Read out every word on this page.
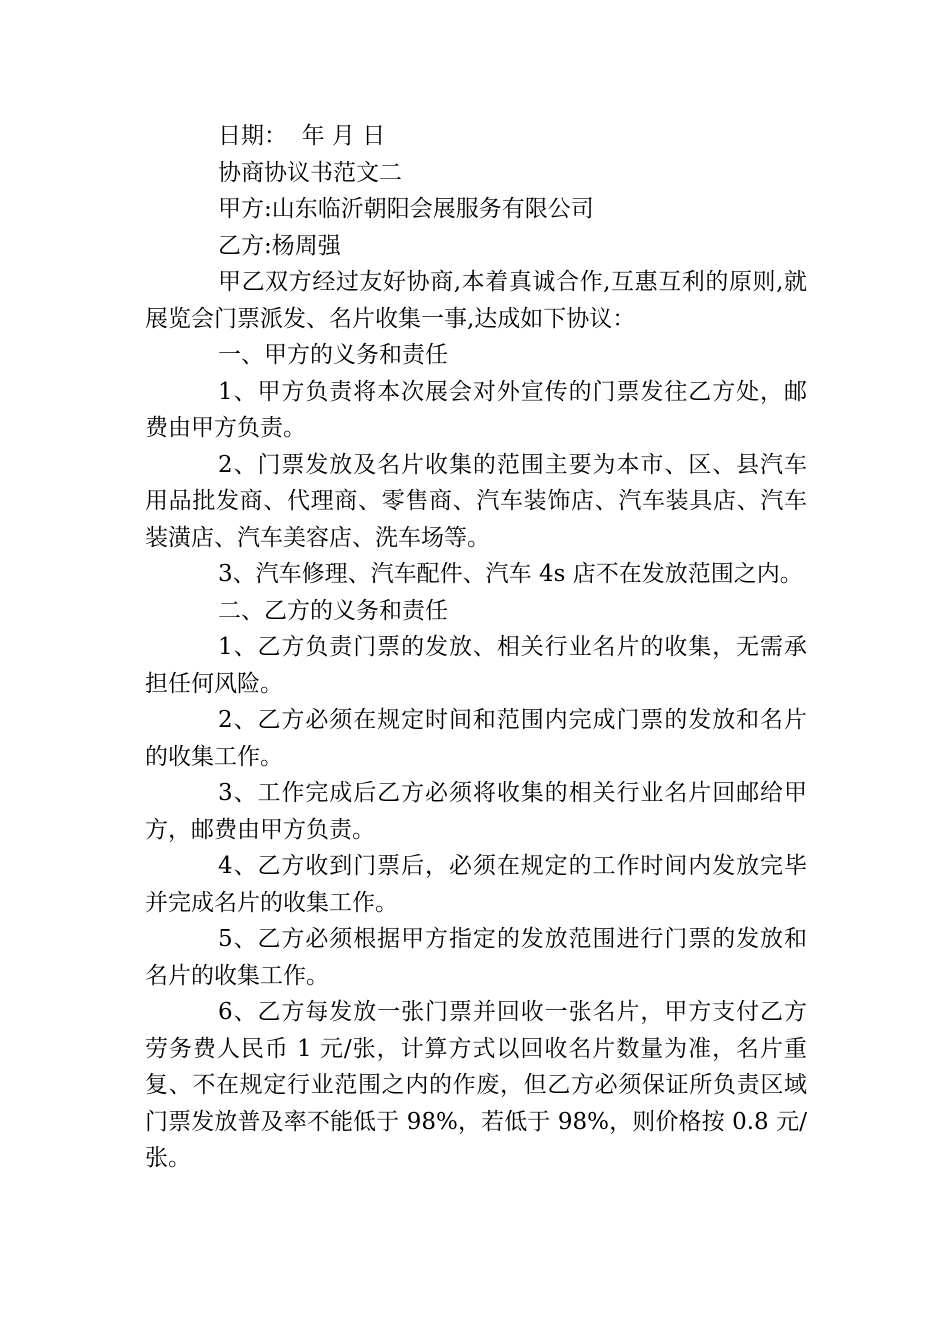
日期：  年 月 日

协商协议书范文二

甲方:山东临沂朝阳会展服务有限公司

乙方:杨周强

甲乙双方经过友好协商,本着真诚合作,互惠互利的原则,就展览会门票派发、名片收集一事,达成如下协议：

一、甲方的义务和责任

1、甲方负责将本次展会对外宣传的门票发往乙方处，邮费由甲方负责。

2、门票发放及名片收集的范围主要为本市、区、县汽车用品批发商、代理商、零售商、汽车装饰店、汽车装具店、汽车装潢店、汽车美容店、洗车场等。

3、汽车修理、汽车配件、汽车 4s 店不在发放范围之内。

二、乙方的义务和责任

1、乙方负责门票的发放、相关行业名片的收集，无需承担任何风险。

2、乙方必须在规定时间和范围内完成门票的发放和名片的收集工作。

3、工作完成后乙方必须将收集的相关行业名片回邮给甲方，邮费由甲方负责。

4、乙方收到门票后，必须在规定的工作时间内发放完毕并完成名片的收集工作。

5、乙方必须根据甲方指定的发放范围进行门票的发放和名片的收集工作。

6、乙方每发放一张门票并回收一张名片，甲方支付乙方劳务费人民币 1 元/张，计算方式以回收名片数量为准，名片重复、不在规定行业范围之内的作废，但乙方必须保证所负责区域门票发放普及率不能低于 98%，若低于 98%，则价格按 0.8 元/张。
